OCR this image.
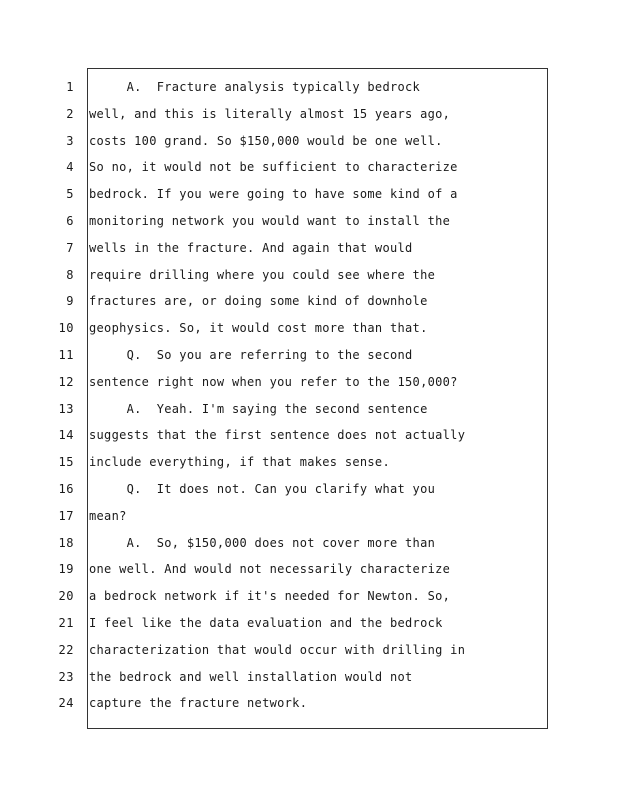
1
2
3
4
5
6
7
8
9
10
11
12
13
14
15
16
17
18
19
20
21
22
23
24
A.  Fracture analysis typically bedrock
well, and this is literally almost 15 years ago,
costs 100 grand. So $150,000 would be one well.
So no, it would not be sufficient to characterize
bedrock. If you were going to have some kind of a
monitoring network you would want to install the
wells in the fracture. And again that would
require drilling where you could see where the
fractures are, or doing some kind of downhole
geophysics. So, it would cost more than that.
Q.  So you are referring to the second
sentence right now when you refer to the 150,000?
A.  Yeah. I'm saying the second sentence
suggests that the first sentence does not actually
include everything, if that makes sense.
Q.  It does not. Can you clarify what you
mean?
A.  So, $150,000 does not cover more than
one well. And would not necessarily characterize
a bedrock network if it's needed for Newton. So,
I feel like the data evaluation and the bedrock
characterization that would occur with drilling in
the bedrock and well installation would not
capture the fracture network.
